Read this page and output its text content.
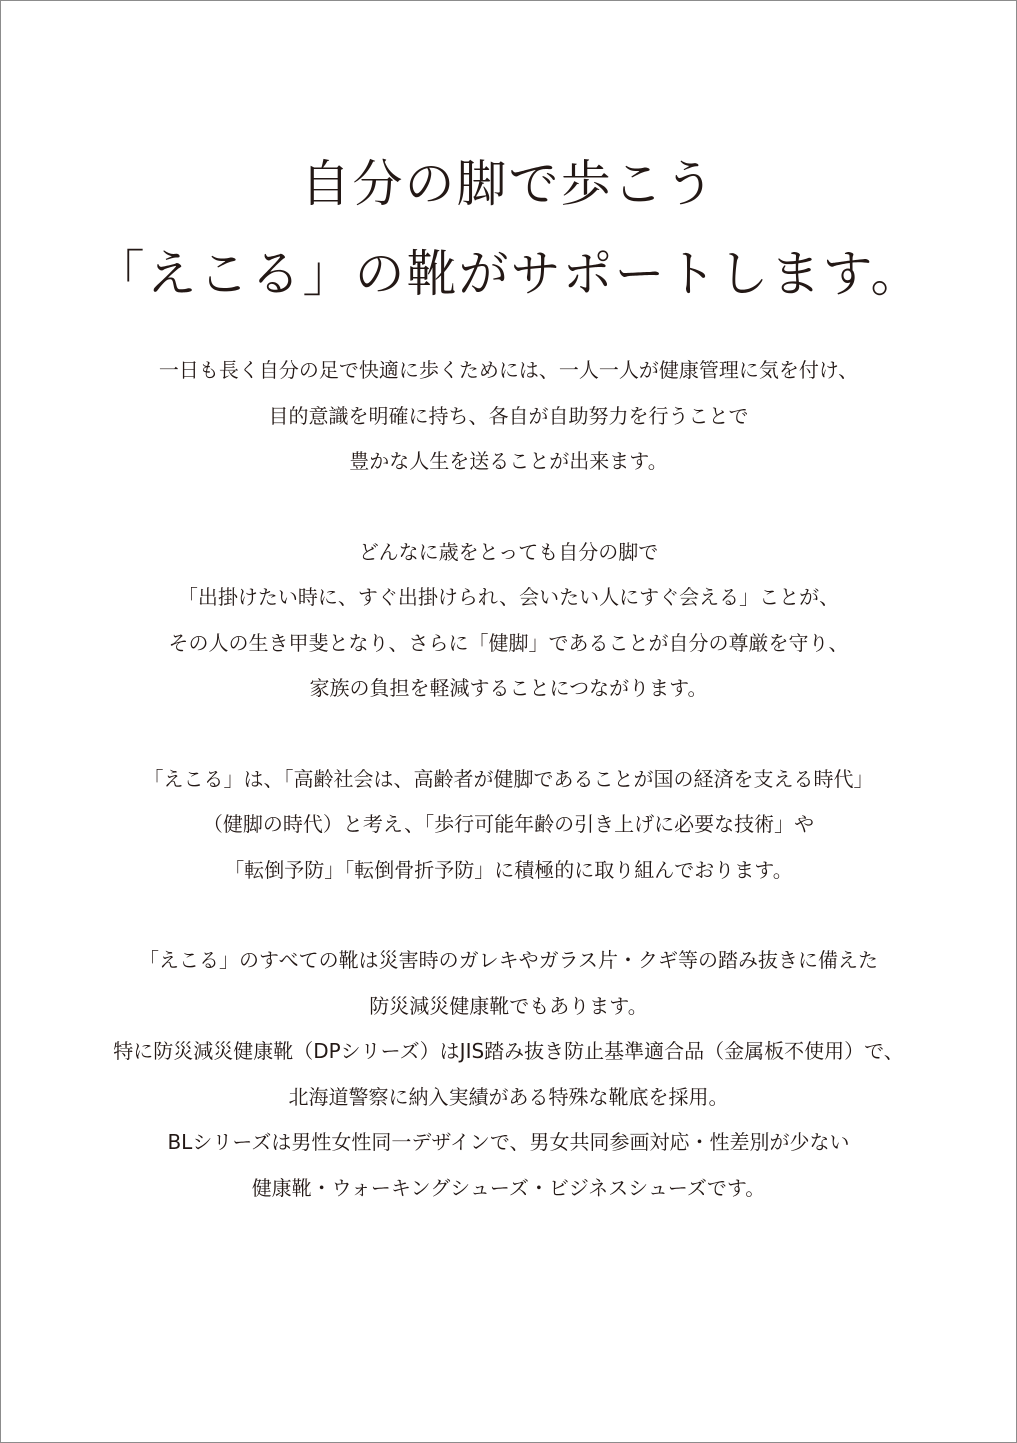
自分の脚で歩こう
「えこる」の靴がサポートします。

一日も長く自分の足で快適に歩くためには、一人一人が健康管理に気を付け、
目的意識を明確に持ち、各自が自助努力を行うことで
豊かな人生を送ることが出来ます。

どんなに歳をとっても自分の脚で
「出掛けたい時に、すぐ出掛けられ、会いたい人にすぐ会える」ことが、
その人の生き甲斐となり、さらに「健脚」であることが自分の尊厳を守り、
家族の負担を軽減することにつながります。

「えこる」は、「高齢社会は、高齢者が健脚であることが国の経済を支える時代」
（健脚の時代）と考え、「歩行可能年齢の引き上げに必要な技術」や
「転倒予防」「転倒骨折予防」に積極的に取り組んでおります。

「えこる」のすべての靴は災害時のガレキやガラス片・クギ等の踏み抜きに備えた
防災減災健康靴でもあります。
特に防災減災健康靴（DPシリーズ）はJIS踏み抜き防止基準適合品（金属板不使用）で、
北海道警察に納入実績がある特殊な靴底を採用。
BLシリーズは男性女性同一デザインで、男女共同参画対応・性差別が少ない
健康靴・ウォーキングシューズ・ビジネスシューズです。
